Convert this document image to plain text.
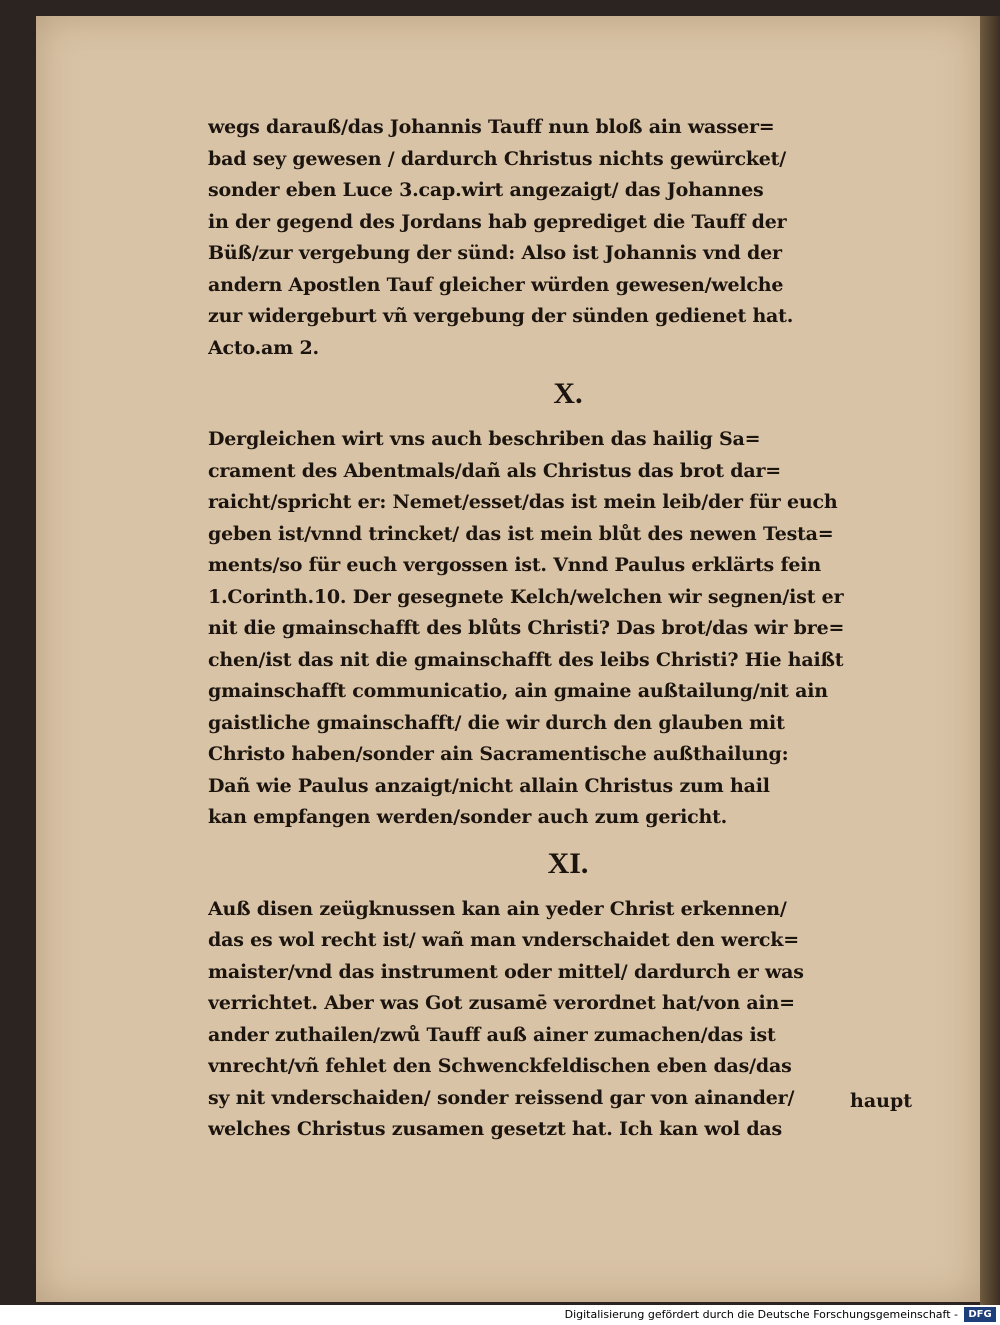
wegs darauß/das Johannis Tauff nun bloß ain wasser=
bad sey gewesen / dardurch Christus nichts gewürcket/
sonder eben Luce 3.cap.wirt angezaigt/ das Johannes
in der gegend des Jordans hab geprediget die Tauff der
Büß/zur vergebung der sünd: Also ist Johannis vnd der
andern Apostlen Tauf gleicher würden gewesen/welche
zur widergeburt vñ vergebung der sünden gedienet hat.
Acto.am 2.
X.
Dergleichen wirt vns auch beschriben das hailig Sa=
crament des Abentmals/dañ als Christus das brot dar=
raicht/spricht er: Nemet/esset/das ist mein leib/der für euch
geben ist/vnnd trincket/ das ist mein blůt des newen Testa=
ments/so für euch vergossen ist. Vnnd Paulus erklärts fein
1.Corinth.10. Der gesegnete Kelch/welchen wir segnen/ist er
nit die gmainschafft des blůts Christi? Das brot/das wir bre=
chen/ist das nit die gmainschafft des leibs Christi? Hie haißt
gmainschafft communicatio, ain gmaine außtailung/nit ain
gaistliche gmainschafft/ die wir durch den glauben mit
Christo haben/sonder ain Sacramentische außthailung:
Dañ wie Paulus anzaigt/nicht allain Christus zum hail
kan empfangen werden/sonder auch zum gericht.
XI.
Auß disen zeügknussen kan ain yeder Christ erkennen/
das es wol recht ist/ wañ man vnderschaidet den werck=
maister/vnd das instrument oder mittel/ dardurch er was
verrichtet. Aber was Got zusamē verordnet hat/von ain=
ander zuthailen/zwů Tauff auß ainer zumachen/das ist
vnrecht/vñ fehlet den Schwenckfeldischen eben das/das
sy nit vnderschaiden/ sonder reissend gar von ainander/
welches Christus zusamen gesetzt hat. Ich kan wol das
haupt
Digitalisierung gefördert durch die Deutsche Forschungsgemeinschaft -	DFG
